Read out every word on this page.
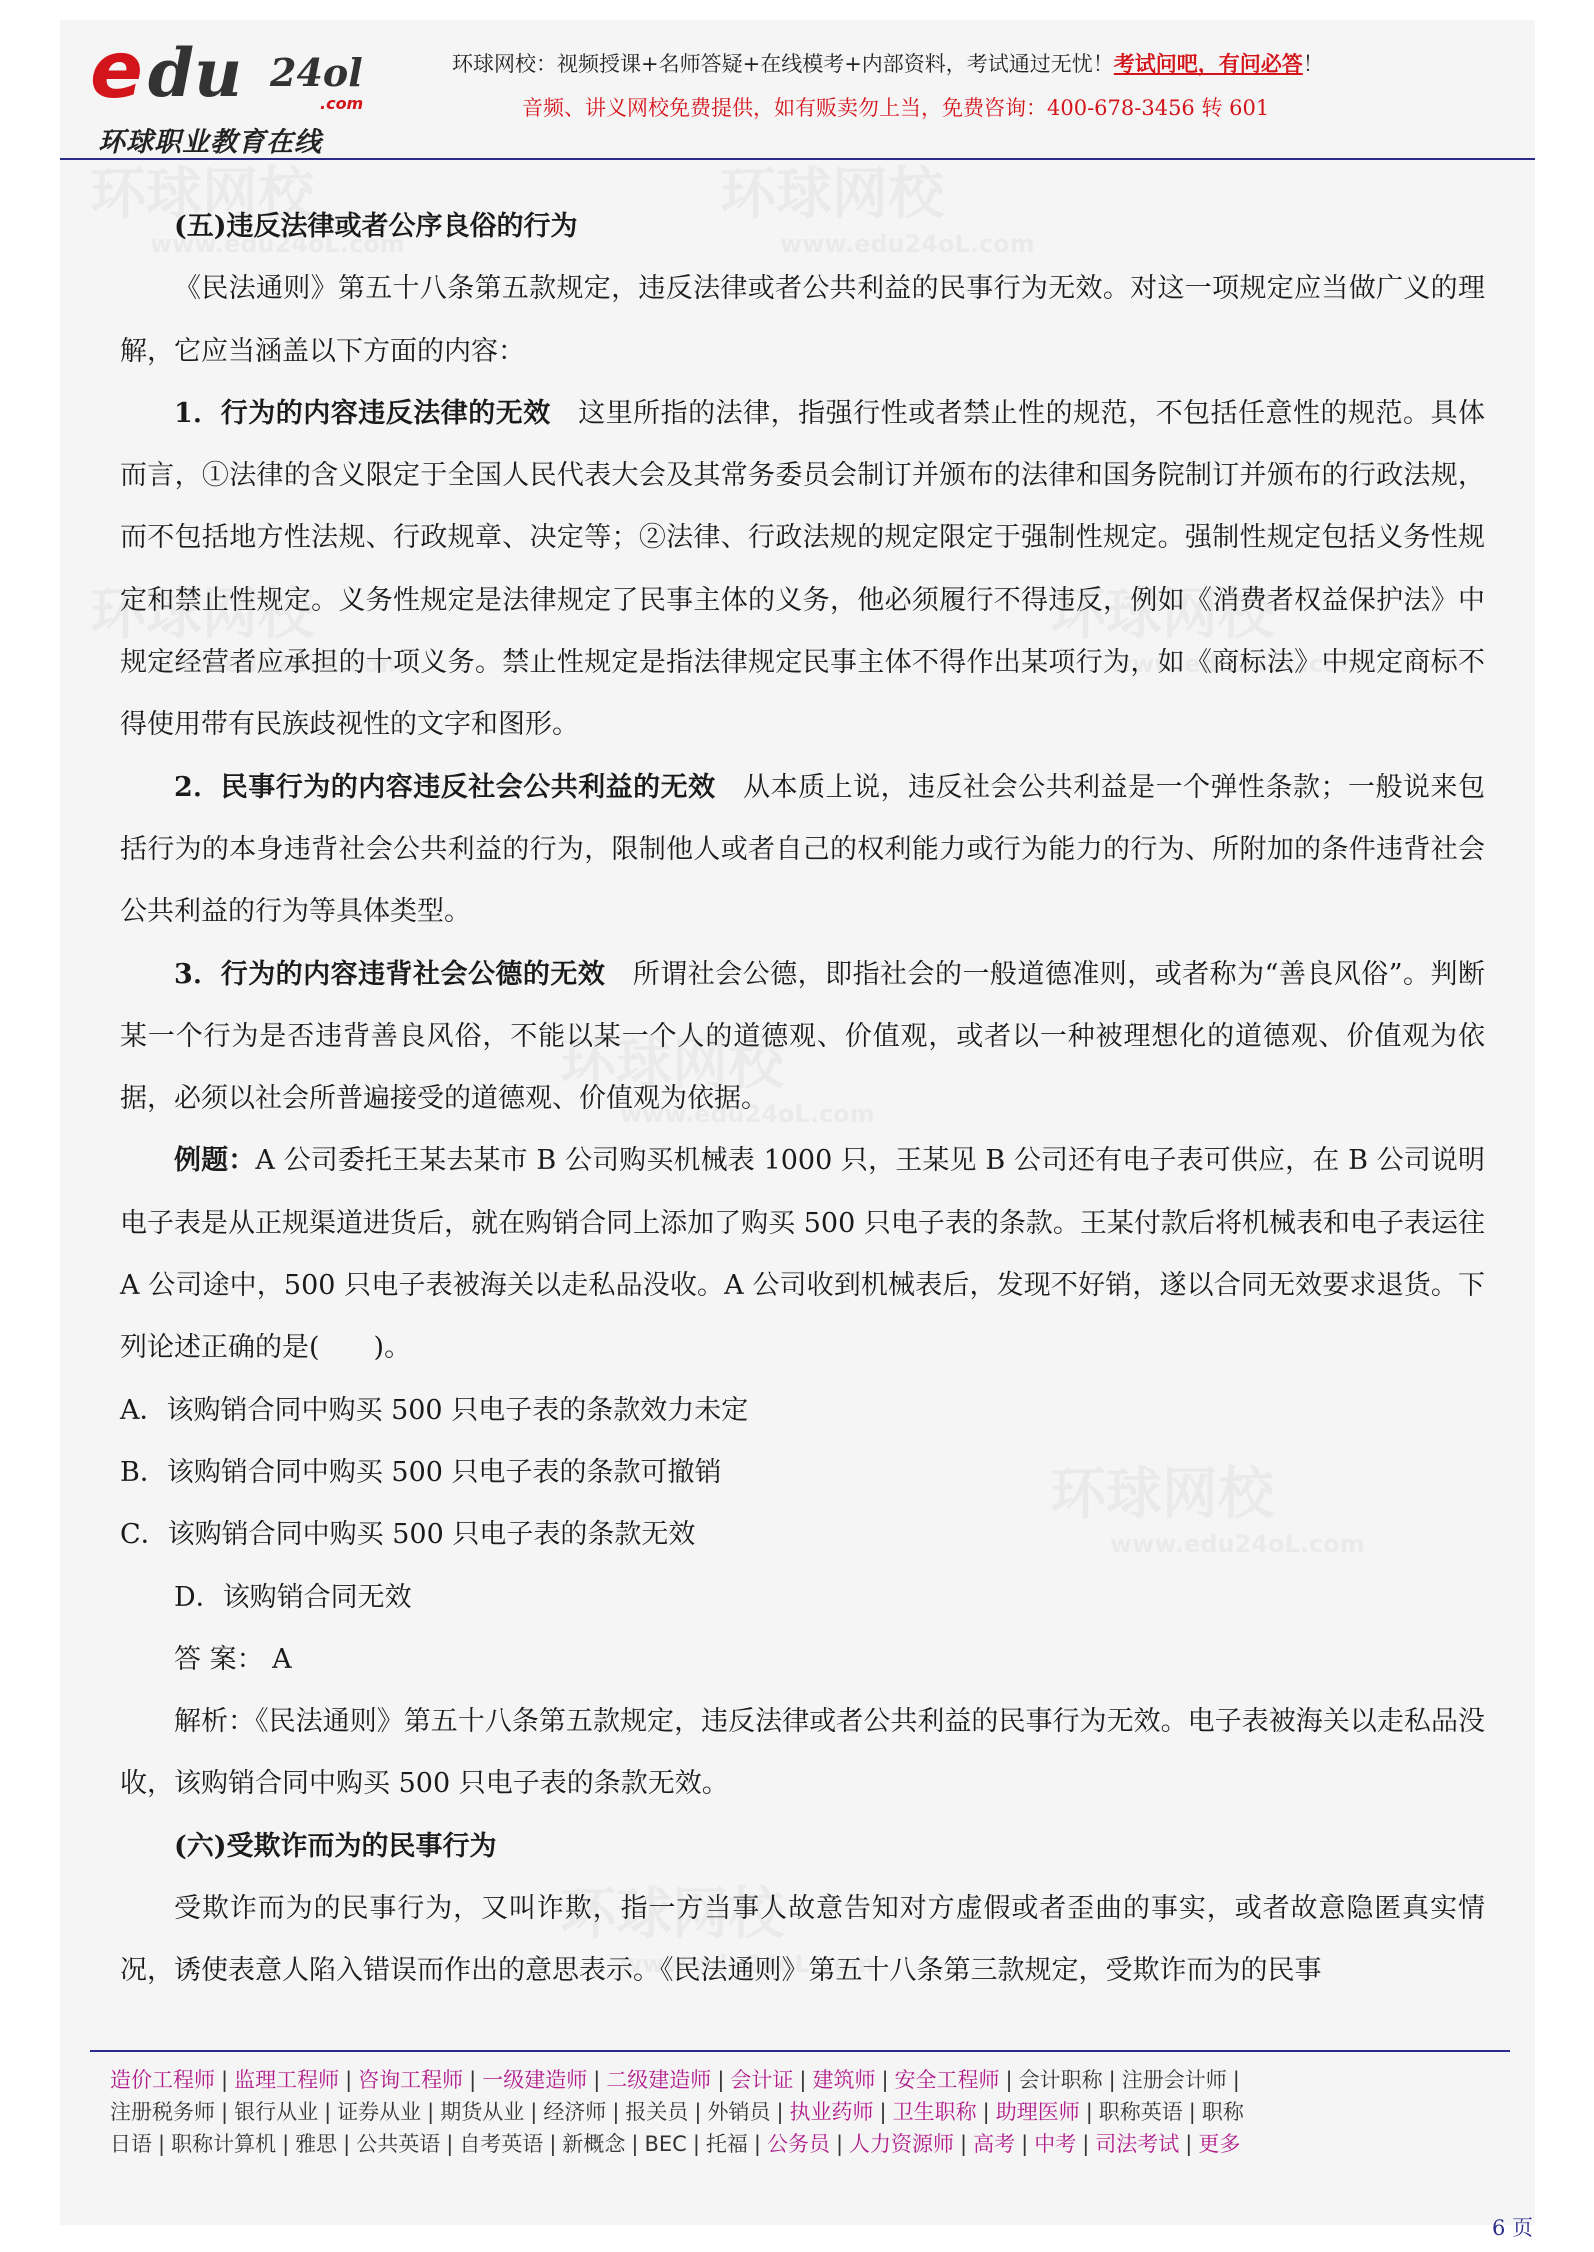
e du 24ol
.com
环球职业教育在线
环球网校：视频授课+名师答疑+在线模考+内部资料，考试通过无忧！考试问吧，有问必答！
音频、讲义网校免费提供，如有贩卖勿上当，免费咨询：400-678-3456 转 601

(五)违反法律或者公序良俗的行为

《民法通则》第五十八条第五款规定，违反法律或者公共利益的民事行为无效。对这一项规定应当做广义的理解，它应当涵盖以下方面的内容：

1．行为的内容违反法律的无效　这里所指的法律，指强行性或者禁止性的规范，不包括任意性的规范。具体而言，①法律的含义限定于全国人民代表大会及其常务委员会制订并颁布的法律和国务院制订并颁布的行政法规，而不包括地方性法规、行政规章、决定等；②法律、行政法规的规定限定于强制性规定。强制性规定包括义务性规定和禁止性规定。义务性规定是法律规定了民事主体的义务，他必须履行不得违反，例如《消费者权益保护法》中规定经营者应承担的十项义务。禁止性规定是指法律规定民事主体不得作出某项行为，如《商标法》中规定商标不得使用带有民族歧视性的文字和图形。

2．民事行为的内容违反社会公共利益的无效　从本质上说，违反社会公共利益是一个弹性条款；一般说来包括行为的本身违背社会公共利益的行为，限制他人或者自己的权利能力或行为能力的行为、所附加的条件违背社会公共利益的行为等具体类型。

3．行为的内容违背社会公德的无效　所谓社会公德，即指社会的一般道德准则，或者称为“善良风俗”。判断某一个行为是否违背善良风俗，不能以某一个人的道德观、价值观，或者以一种被理想化的道德观、价值观为依据，必须以社会所普遍接受的道德观、价值观为依据。

例题：A 公司委托王某去某市 B 公司购买机械表 1000 只，王某见 B 公司还有电子表可供应，在 B 公司说明电子表是从正规渠道进货后，就在购销合同上添加了购买 500 只电子表的条款。王某付款后将机械表和电子表运往 A 公司途中，500 只电子表被海关以走私品没收。A 公司收到机械表后，发现不好销，遂以合同无效要求退货。下列论述正确的是(　　)。

A．该购销合同中购买 500 只电子表的条款效力未定

B．该购销合同中购买 500 只电子表的条款可撤销

C．该购销合同中购买 500 只电子表的条款无效

D．该购销合同无效

答 案： A

解析：《民法通则》第五十八条第五款规定，违反法律或者公共利益的民事行为无效。电子表被海关以走私品没收，该购销合同中购买 500 只电子表的条款无效。

(六)受欺诈而为的民事行为

受欺诈而为的民事行为，又叫诈欺，指一方当事人故意告知对方虚假或者歪曲的事实，或者故意隐匿真实情况，诱使表意人陷入错误而作出的意思表示。《民法通则》第五十八条第三款规定，受欺诈而为的民事

造价工程师 | 监理工程师 | 咨询工程师 | 一级建造师 | 二级建造师 | 会计证 | 建筑师 | 安全工程师 | 会计职称 | 注册会计师 |
注册税务师 | 银行从业 | 证券从业 | 期货从业 | 经济师 | 报关员 | 外销员 | 执业药师 | 卫生职称 | 助理医师 | 职称英语 | 职称
日语 | 职称计算机 | 雅思 | 公共英语 | 自考英语 | 新概念 | BEC | 托福 | 公务员 | 人力资源师 | 高考 | 中考 | 司法考试 | 更多
6 页
